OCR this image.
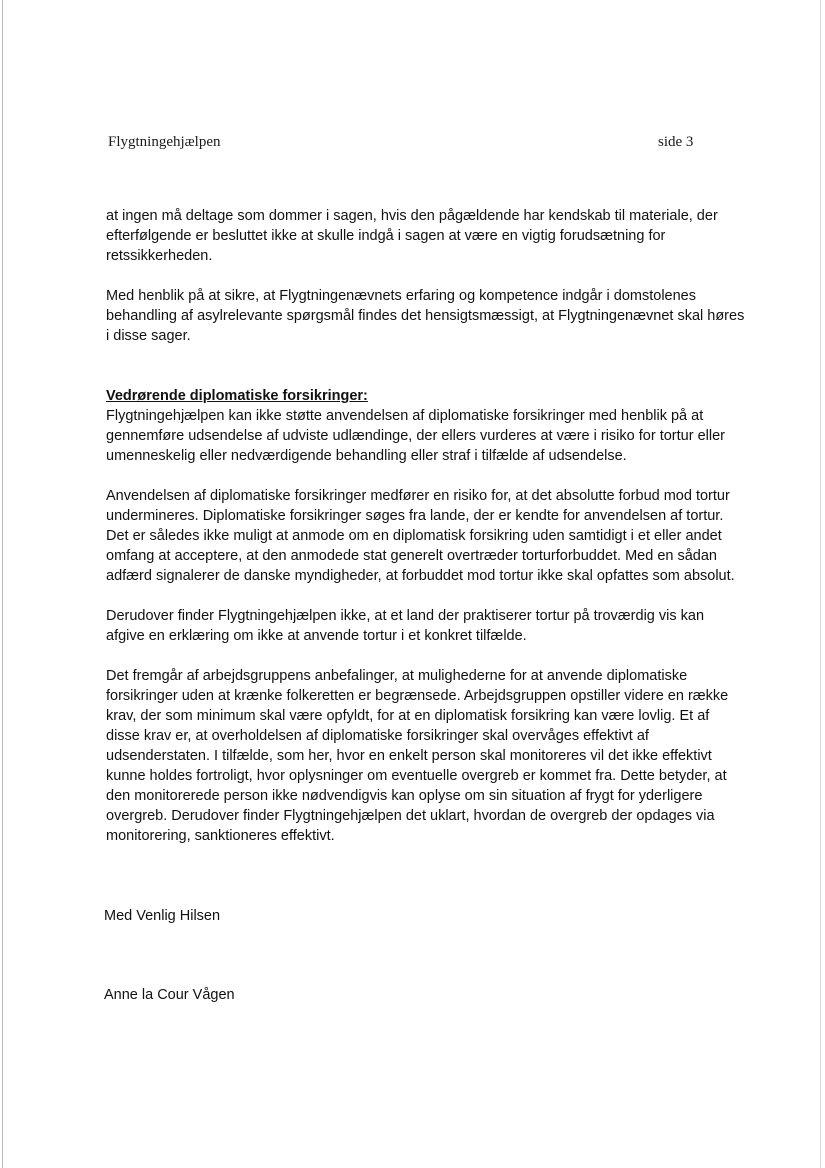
Flygtningehjælpen	side 3

at ingen må deltage som dommer i sagen, hvis den pågældende har kendskab til materiale, der efterfølgende er besluttet ikke at skulle indgå i sagen at være en vigtig forudsætning for retssikkerheden.

Med henblik på at sikre, at Flygtningenævnets erfaring og kompetence indgår i domstolenes behandling af asylrelevante spørgsmål findes det hensigtsmæssigt, at Flygtningenævnet skal høres i disse sager.

Vedrørende diplomatiske forsikringer:
Flygtningehjælpen kan ikke støtte anvendelsen af diplomatiske forsikringer med henblik på at gennemføre udsendelse af udviste udlændinge, der ellers vurderes at være i risiko for tortur eller umenneskelig eller nedværdigende behandling eller straf i tilfælde af udsendelse.

Anvendelsen af diplomatiske forsikringer medfører en risiko for, at det absolutte forbud mod tortur undermineres. Diplomatiske forsikringer søges fra lande, der er kendte for anvendelsen af tortur. Det er således ikke muligt at anmode om en diplomatisk forsikring uden samtidigt i et eller andet omfang at acceptere, at den anmodede stat generelt overtræder torturforbuddet. Med en sådan adfærd signalerer de danske myndigheder, at forbuddet mod tortur ikke skal opfattes som absolut.

Derudover finder Flygtningehjælpen ikke, at et land der praktiserer tortur på troværdig vis kan afgive en erklæring om ikke at anvende tortur i et konkret tilfælde.

Det fremgår af arbejdsgruppens anbefalinger, at mulighederne for at anvende diplomatiske forsikringer uden at krænke folkeretten er begrænsede. Arbejdsgruppen opstiller videre en række krav, der som minimum skal være opfyldt, for at en diplomatisk forsikring kan være lovlig. Et af disse krav er, at overholdelsen af diplomatiske forsikringer skal overvåges effektivt af udsenderstaten. I tilfælde, som her, hvor en enkelt person skal monitoreres vil det ikke effektivt kunne holdes fortroligt, hvor oplysninger om eventuelle overgreb er kommet fra. Dette betyder, at den monitorerede person ikke nødvendigvis kan oplyse om sin situation af frygt for yderligere overgreb. Derudover finder Flygtningehjælpen det uklart, hvordan de overgreb der opdages via monitorering, sanktioneres effektivt.

Med Venlig Hilsen
Anne la Cour Vågen
